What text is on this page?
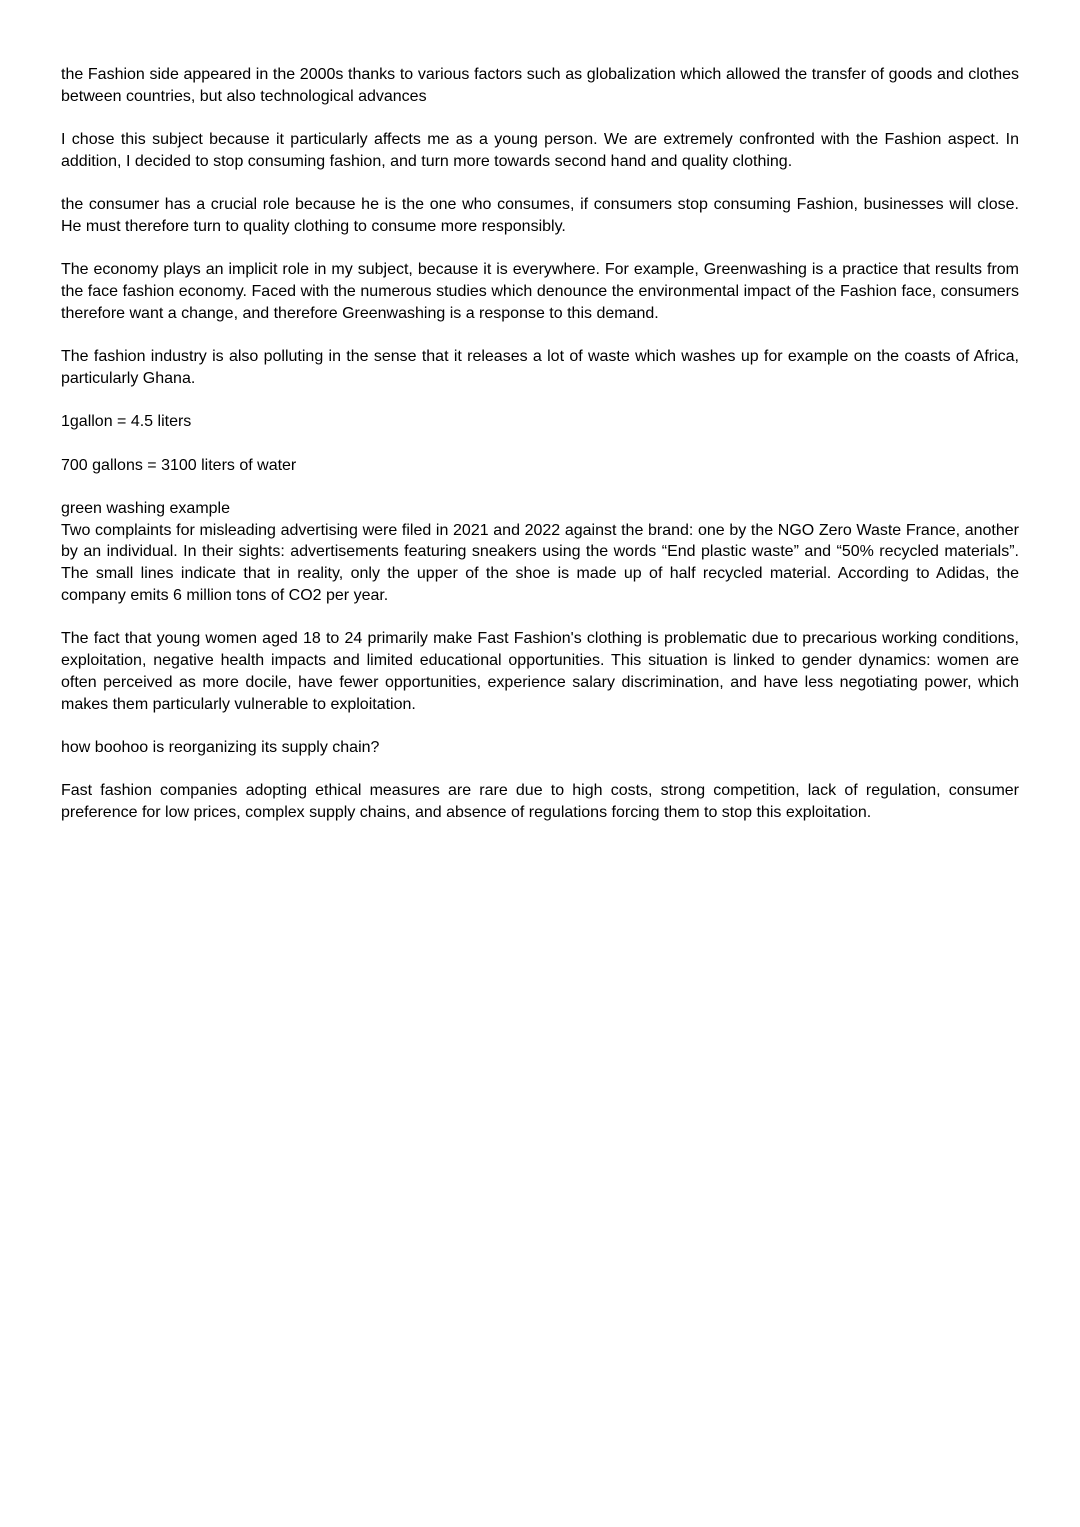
the Fashion side appeared in the 2000s thanks to various factors such as globalization which allowed the transfer of goods and clothes between countries, but also technological advances

I chose this subject because it particularly affects me as a young person. We are extremely confronted with the Fashion aspect. In addition, I decided to stop consuming fashion, and turn more towards second hand and quality clothing.

the consumer has a crucial role because he is the one who consumes, if consumers stop consuming Fashion, businesses will close. He must therefore turn to quality clothing to consume more responsibly.

The economy plays an implicit role in my subject, because it is everywhere. For example, Greenwashing is a practice that results from the face fashion economy. Faced with the numerous studies which denounce the environmental impact of the Fashion face, consumers therefore want a change, and therefore Greenwashing is a response to this demand.

The fashion industry is also polluting in the sense that it releases a lot of waste which washes up for example on the coasts of Africa, particularly Ghana.

1gallon = 4.5 liters

700 gallons = 3100 liters of water

green washing example

Two complaints for misleading advertising were filed in 2021 and 2022 against the brand: one by the NGO Zero Waste France, another by an individual. In their sights: advertisements featuring sneakers using the words “End plastic waste” and “50% recycled materials”. The small lines indicate that in reality, only the upper of the shoe is made up of half recycled material. According to Adidas, the company emits 6 million tons of CO2 per year.

The fact that young women aged 18 to 24 primarily make Fast Fashion's clothing is problematic due to precarious working conditions, exploitation, negative health impacts and limited educational opportunities. This situation is linked to gender dynamics: women are often perceived as more docile, have fewer opportunities, experience salary discrimination, and have less negotiating power, which makes them particularly vulnerable to exploitation.

how boohoo is reorganizing its supply chain?

Fast fashion companies adopting ethical measures are rare due to high costs, strong competition, lack of regulation, consumer preference for low prices, complex supply chains, and absence of regulations forcing them to stop this exploitation.
